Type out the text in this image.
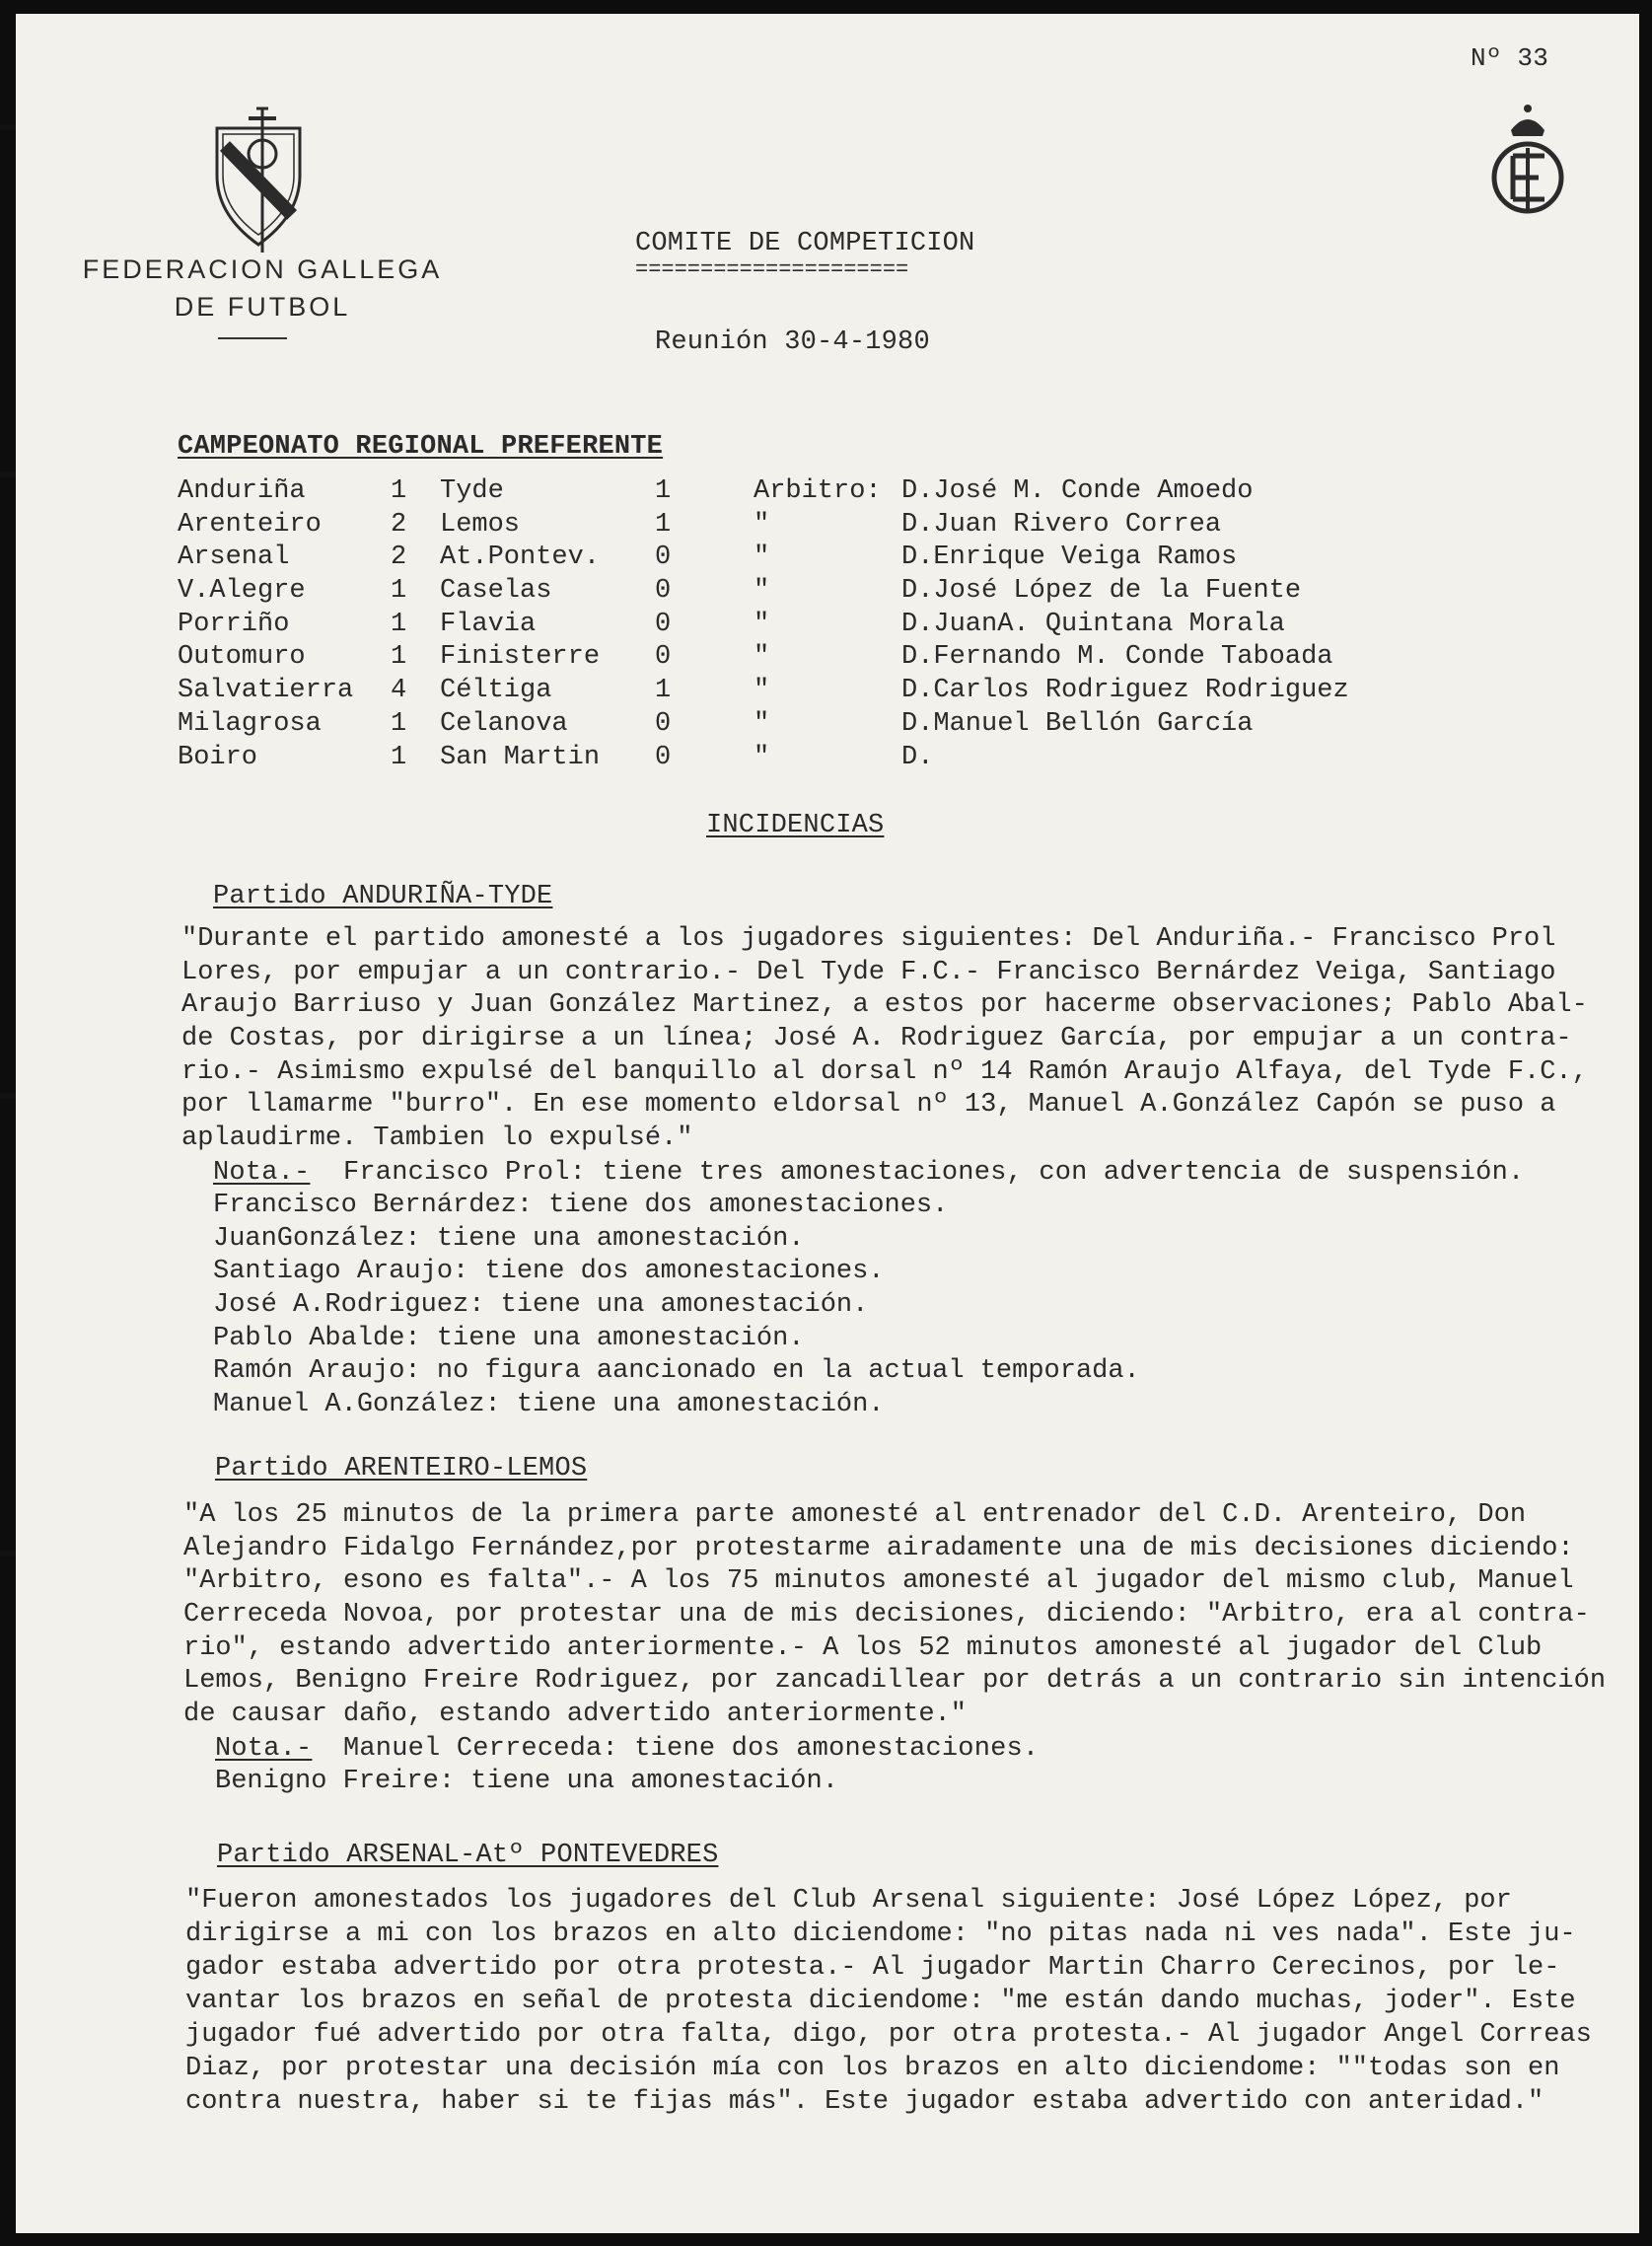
FEDERACION GALLEGA
DE FUTBOL
Nº 33
COMITE DE COMPETICION
=====================
Reunión 30-4-1980
CAMPEONATO REGIONAL PREFERENTE
Anduriña
Arenteiro
Arsenal
V.Alegre
Porriño
Outomuro
Salvatierra
Milagrosa
Boiro
1
2
2
1
1
1
4
1
1
Tyde
Lemos
At.Pontev.
Caselas
Flavia
Finisterre
Céltiga
Celanova
San Martin
1
1
0
0
0
0
1
0
0
Arbitro:
"
"
"
"
"
"
"
"
D.José M. Conde Amoedo
D.Juan Rivero Correa
D.Enrique Veiga Ramos
D.José López de la Fuente
D.JuanA. Quintana Morala
D.Fernando M. Conde Taboada
D.Carlos Rodriguez Rodriguez
D.Manuel Bellón García
D.
INCIDENCIAS
Partido ANDURIÑA-TYDE
"Durante el partido amonesté a los jugadores siguientes: Del Anduriña.- Francisco Prol
Lores, por empujar a un contrario.- Del Tyde F.C.- Francisco Bernárdez Veiga, Santiago
Araujo Barriuso y Juan González Martinez, a estos por hacerme observaciones; Pablo Abal-
de Costas, por dirigirse a un línea; José A. Rodriguez García, por empujar a un contra-
rio.- Asimismo expulsé del banquillo al dorsal nº 14 Ramón Araujo Alfaya, del Tyde F.C.,
por llamarme "burro". En ese momento eldorsal nº 13, Manuel A.González Capón se puso a
aplaudirme. Tambien lo expulsé."
Nota.- Francisco Prol: tiene tres amonestaciones, con advertencia de suspensión.
Francisco Bernárdez: tiene dos amonestaciones.
JuanGonzález: tiene una amonestación.
Santiago Araujo: tiene dos amonestaciones.
José A.Rodriguez: tiene una amonestación.
Pablo Abalde: tiene una amonestación.
Ramón Araujo: no figura aancionado en la actual temporada.
Manuel A.González: tiene una amonestación.
Partido ARENTEIRO-LEMOS
"A los 25 minutos de la primera parte amonesté al entrenador del C.D. Arenteiro, Don
Alejandro Fidalgo Fernández,por protestarme airadamente una de mis decisiones diciendo:
"Arbitro, esono es falta".- A los 75 minutos amonesté al jugador del mismo club, Manuel
Cerreceda Novoa, por protestar una de mis decisiones, diciendo: "Arbitro, era al contra-
rio", estando advertido anteriormente.- A los 52 minutos amonesté al jugador del Club
Lemos, Benigno Freire Rodriguez, por zancadillear por detrás a un contrario sin intención
de causar daño, estando advertido anteriormente."
Nota.- Manuel Cerreceda: tiene dos amonestaciones.
Benigno Freire: tiene una amonestación.
Partido ARSENAL-Atº PONTEVEDRES
"Fueron amonestados los jugadores del Club Arsenal siguiente: José López López, por
dirigirse a mi con los brazos en alto diciendome: "no pitas nada ni ves nada". Este ju-
gador estaba advertido por otra protesta.- Al jugador Martin Charro Cerecinos, por le-
vantar los brazos en señal de protesta diciendome: "me están dando muchas, joder". Este
jugador fué advertido por otra falta, digo, por otra protesta.- Al jugador Angel Correas
Diaz, por protestar una decisión mía con los brazos en alto diciendome: ""todas son en
contra nuestra, haber si te fijas más". Este jugador estaba advertido con anteridad."
